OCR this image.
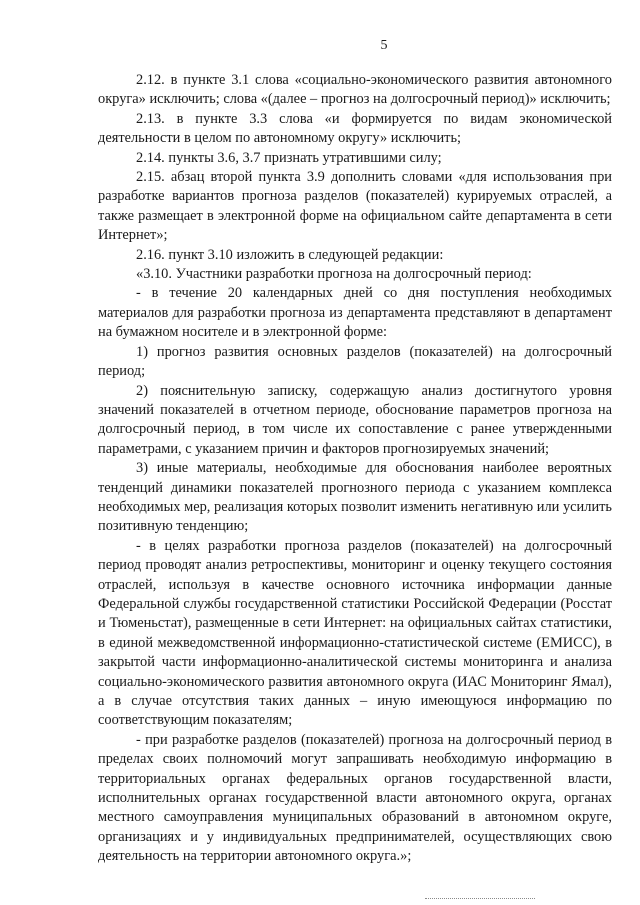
5

2.12. в пункте 3.1 слова «социально-экономического развития автономного округа» исключить; слова «(далее – прогноз на долгосрочный период)» исключить;

2.13. в пункте 3.3 слова «и формируется по видам экономической деятельности в целом по автономному округу» исключить;

2.14. пункты 3.6, 3.7 признать утратившими силу;

2.15. абзац второй пункта 3.9 дополнить словами «для использования при разработке вариантов прогноза разделов (показателей) курируемых отраслей, а также размещает в электронной форме на официальном сайте департамента в сети Интернет»;

2.16. пункт 3.10 изложить в следующей редакции:

«3.10. Участники разработки прогноза на долгосрочный период:

- в течение 20 календарных дней со дня поступления необходимых материалов для разработки прогноза из департамента представляют в департамент на бумажном носителе и в электронной форме:

1) прогноз развития основных разделов (показателей) на долгосрочный период;

2) пояснительную записку, содержащую анализ достигнутого уровня значений показателей в отчетном периоде, обоснование параметров прогноза на долгосрочный период, в том числе их сопоставление с ранее утвержденными параметрами, с указанием причин и факторов прогнозируемых значений;

3) иные материалы, необходимые для обоснования наиболее вероятных тенденций динамики показателей прогнозного периода с указанием комплекса необходимых мер, реализация которых позволит изменить негативную или усилить позитивную тенденцию;

- в целях разработки прогноза разделов (показателей) на долгосрочный период проводят анализ ретроспективы, мониторинг и оценку текущего состояния отраслей, используя в качестве основного источника информации данные Федеральной службы государственной статистики Российской Федерации (Росстат и Тюменьстат), размещенные в сети Интернет: на официальных сайтах статистики, в единой межведомственной информационно-статистической системе (ЕМИСС), в закрытой части информационно-аналитической системы мониторинга и анализа социально-экономического развития автономного округа (ИАС Мониторинг Ямал), а в случае отсутствия таких данных – иную имеющуюся информацию по соответствующим показателям;

- при разработке разделов (показателей) прогноза на долгосрочный период в пределах своих полномочий могут запрашивать необходимую информацию в территориальных органах федеральных органов государственной власти, исполнительных органах государственной власти автономного округа, органах местного самоуправления муниципальных образований в автономном округе, организациях и у индивидуальных предпринимателей, осуществляющих свою деятельность на территории автономного округа.»;
